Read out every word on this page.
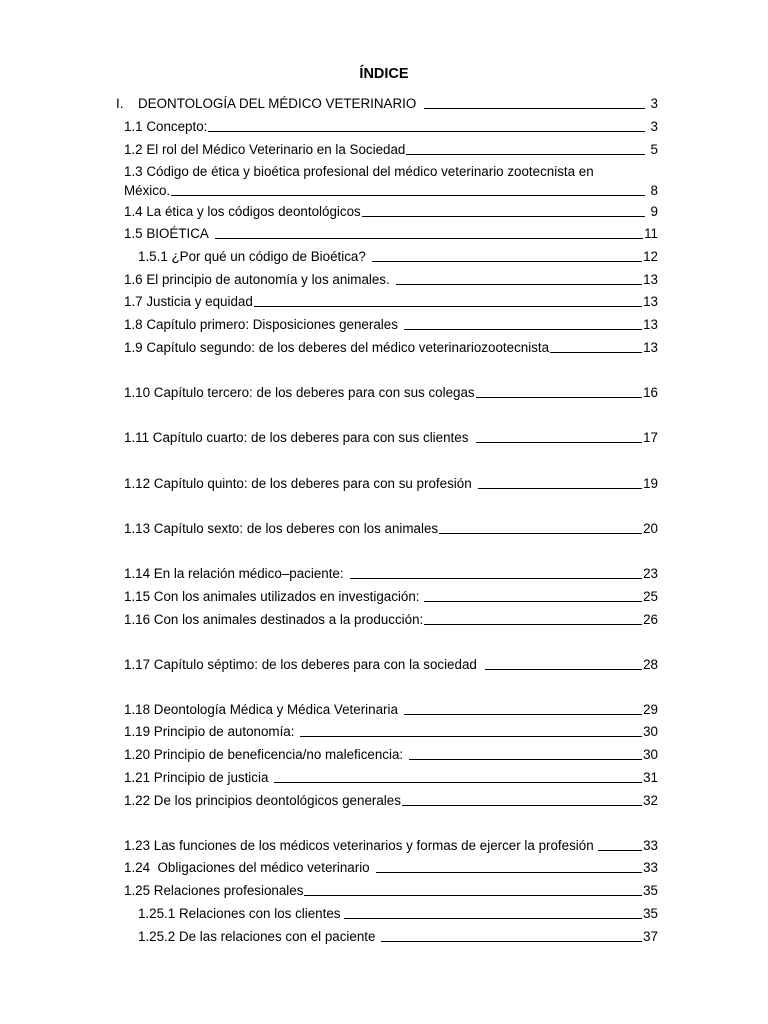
ÍNDICE
I.	DEONTOLOGÍA DEL MÉDICO VETERINARIO	3
1.1 Concepto:	3
1.2 El rol del Médico Veterinario en la Sociedad	5
1.3 Código de ética y bioética profesional del médico veterinario zootecnista en
México.	8
1.4 La ética y los códigos deontológicos	9
1.5 BIOÉTICA	11
1.5.1 ¿Por qué un código de Bioética?	12
1.6 El principio de autonomía y los animales.	13
1.7 Justicia y equidad	13
1.8 Capítulo primero: Disposiciones generales	13
1.9 Capítulo segundo: de los deberes del médico veterinariozootecnista	13
1.10 Capítulo tercero: de los deberes para con sus colegas	16
1.11 Capítulo cuarto: de los deberes para con sus clientes	17
1.12 Capítulo quinto: de los deberes para con su profesión	19
1.13 Capítulo sexto: de los deberes con los animales	20
1.14 En la relación médico–paciente:	23
1.15 Con los animales utilizados en investigación:	25
1.16 Con los animales destinados a la producción:	26
1.17 Capítulo séptimo: de los deberes para con la sociedad	28
1.18 Deontología Médica y Médica Veterinaria	29
1.19 Principio de autonomía:	30
1.20 Principio de beneficencia/no maleficencia:	30
1.21 Principio de justicia	31
1.22 De los principios deontológicos generales	32
1.23 Las funciones de los médicos veterinarios y formas de ejercer la profesión	33
1.24  Obligaciones del médico veterinario	33
1.25 Relaciones profesionales	35
1.25.1 Relaciones con los clientes	35
1.25.2 De las relaciones con el paciente	37
